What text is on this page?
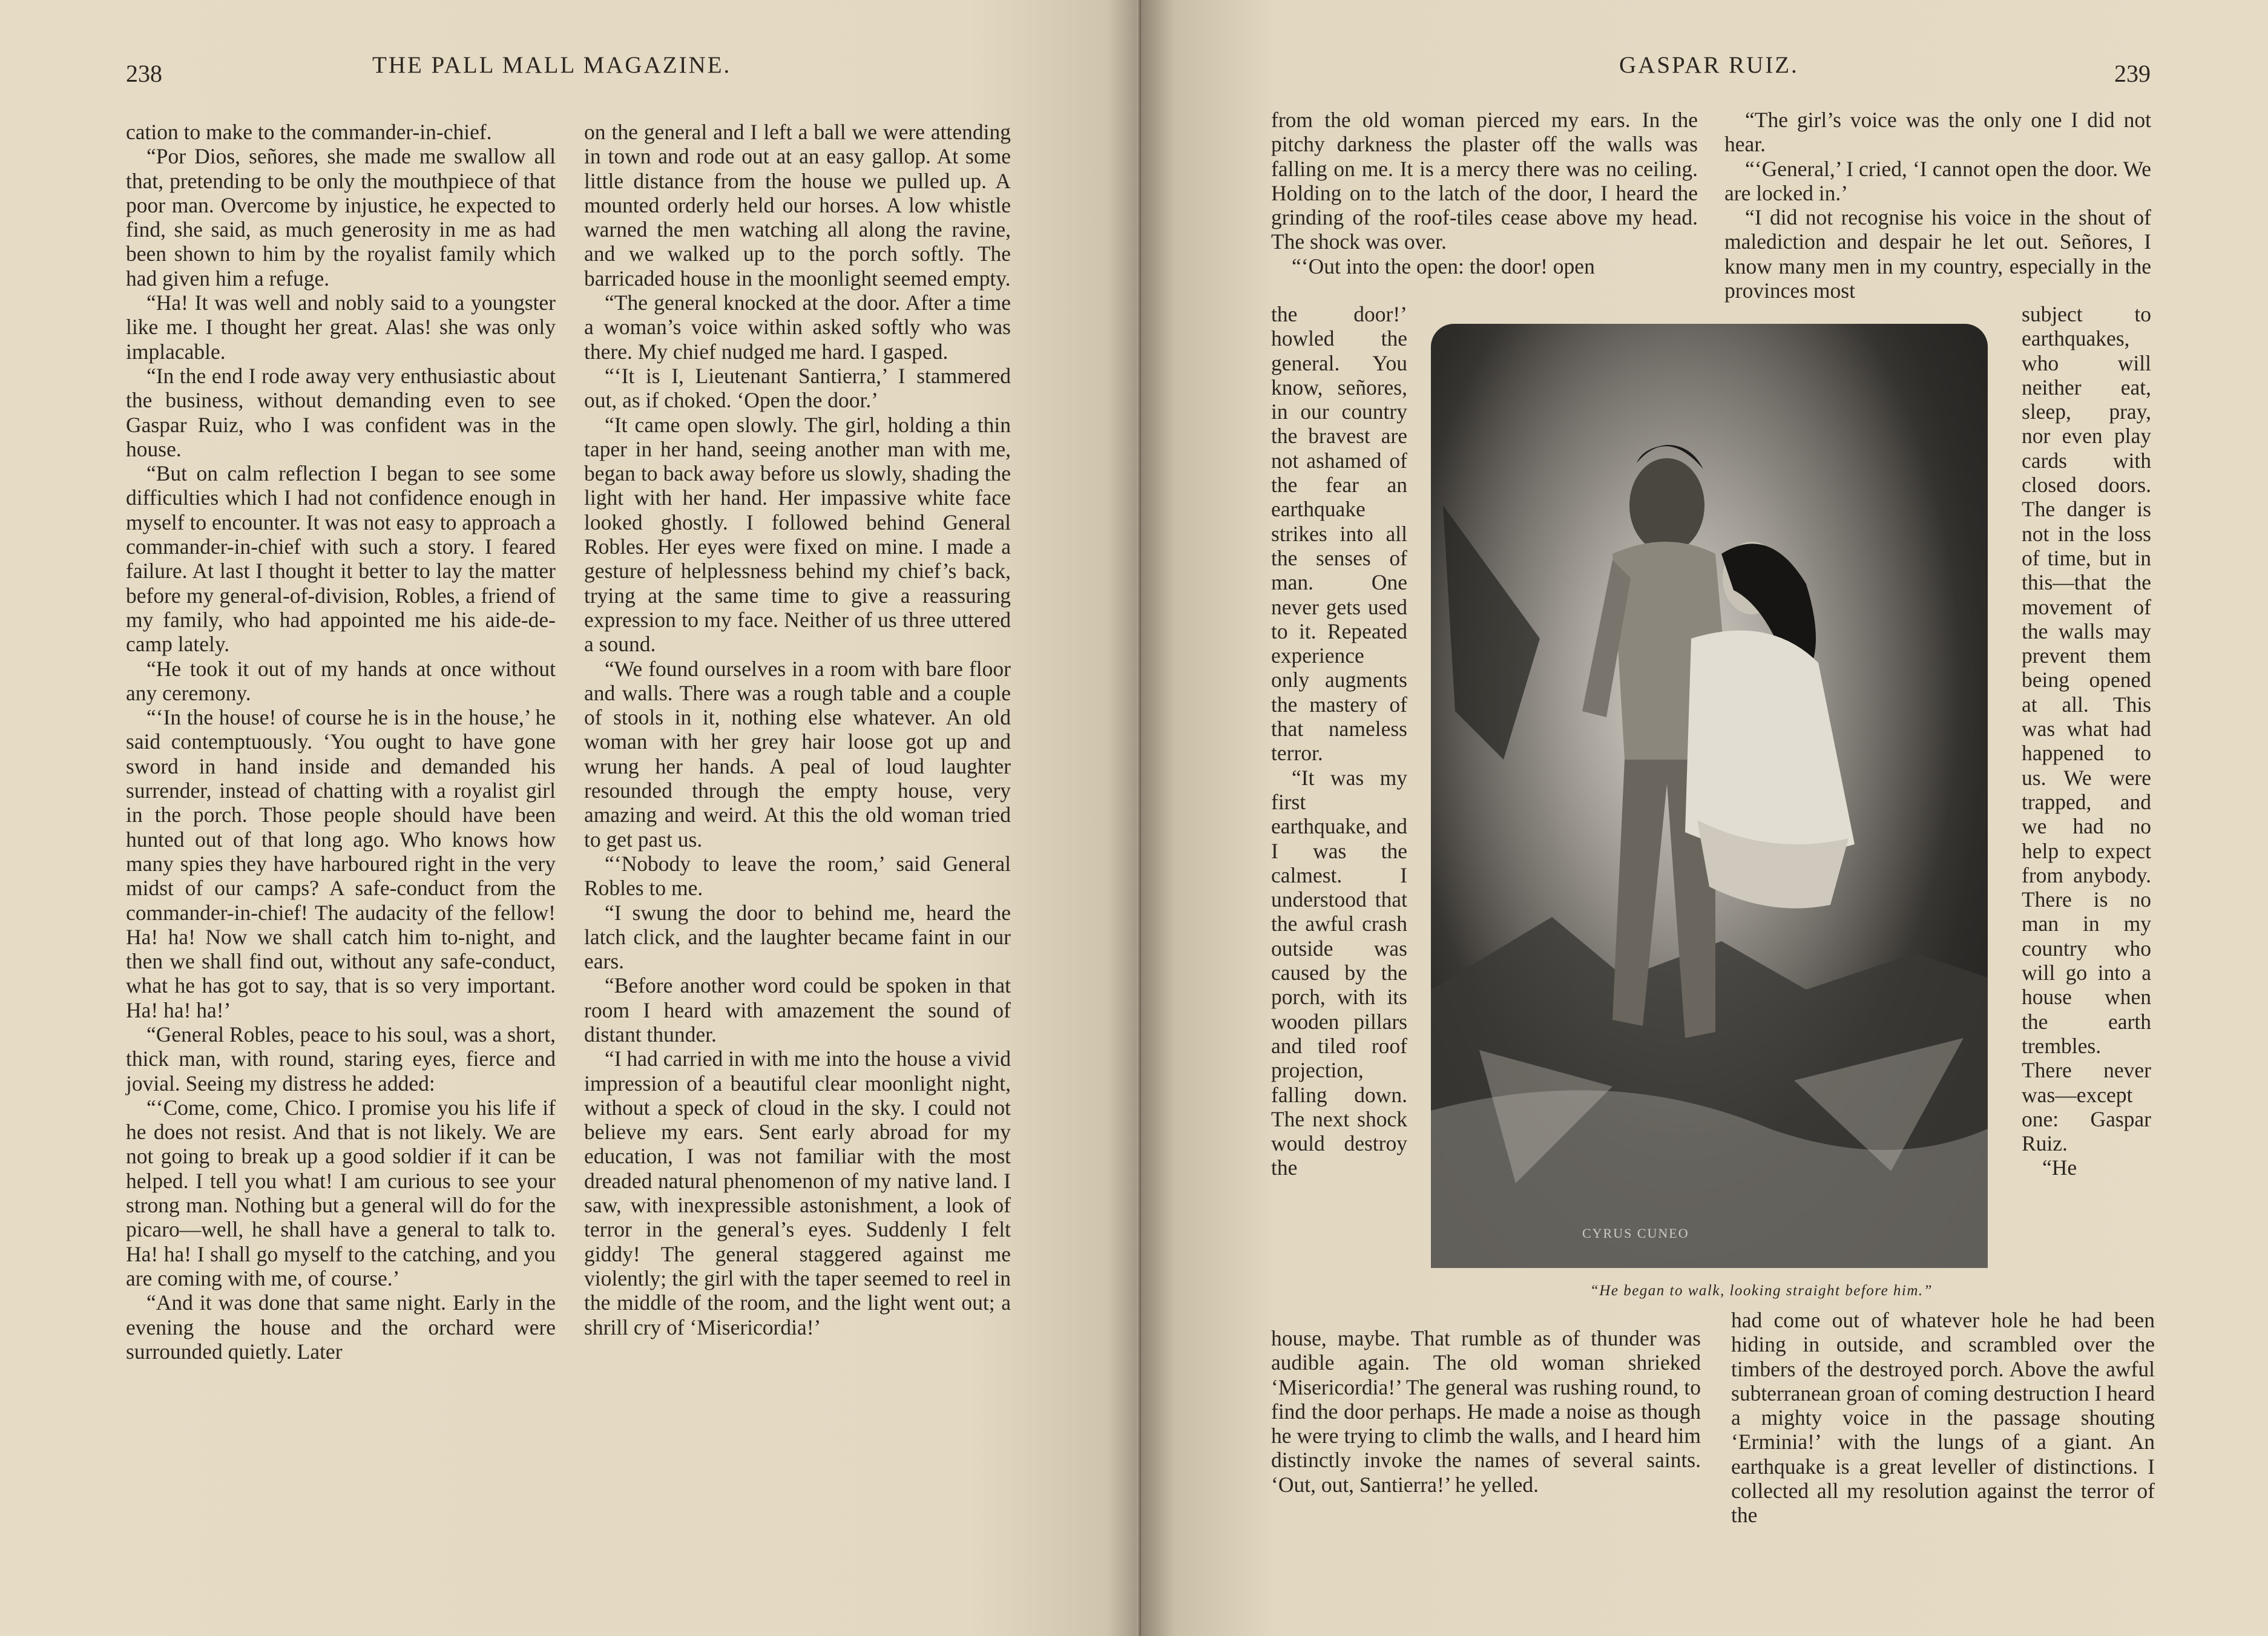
238	THE PALL MALL MAGAZINE.

cation to make to the commander-in-chief.

“Por Dios, señores, she made me swallow all that, pretending to be only the mouthpiece of that poor man. Overcome by injustice, he expected to find, she said, as much generosity in me as had been shown to him by the royalist family which had given him a refuge.

“Ha! It was well and nobly said to a youngster like me. I thought her great. Alas! she was only implacable.

“In the end I rode away very enthusiastic about the business, without demanding even to see Gaspar Ruiz, who I was confident was in the house.

“But on calm reflection I began to see some difficulties which I had not confidence enough in myself to encounter. It was not easy to approach a commander-in-chief with such a story. I feared failure. At last I thought it better to lay the matter before my general-of-division, Robles, a friend of my family, who had appointed me his aide-de-camp lately.

“He took it out of my hands at once without any ceremony.

“‘In the house! of course he is in the house,’ he said contemptuously. ‘You ought to have gone sword in hand inside and demanded his surrender, instead of chatting with a royalist girl in the porch. Those people should have been hunted out of that long ago. Who knows how many spies they have harboured right in the very midst of our camps? A safe-conduct from the commander-in-chief! The audacity of the fellow! Ha! ha! Now we shall catch him to-night, and then we shall find out, without any safe-conduct, what he has got to say, that is so very important. Ha! ha! ha!’

“General Robles, peace to his soul, was a short, thick man, with round, staring eyes, fierce and jovial. Seeing my distress he added:

“‘Come, come, Chico. I promise you his life if he does not resist. And that is not likely. We are not going to break up a good soldier if it can be helped. I tell you what! I am curious to see your strong man. Nothing but a general will do for the picaro—well, he shall have a general to talk to. Ha! ha! I shall go myself to the catching, and you are coming with me, of course.’

“And it was done that same night. Early in the evening the house and the orchard were surrounded quietly. Later

on the general and I left a ball we were attending in town and rode out at an easy gallop. At some little distance from the house we pulled up. A mounted orderly held our horses. A low whistle warned the men watching all along the ravine, and we walked up to the porch softly. The barricaded house in the moonlight seemed empty.

“The general knocked at the door. After a time a woman’s voice within asked softly who was there. My chief nudged me hard. I gasped.

“‘It is I, Lieutenant Santierra,’ I stammered out, as if choked. ‘Open the door.’

“It came open slowly. The girl, holding a thin taper in her hand, seeing another man with me, began to back away before us slowly, shading the light with her hand. Her impassive white face looked ghostly. I followed behind General Robles. Her eyes were fixed on mine. I made a gesture of helplessness behind my chief’s back, trying at the same time to give a reassuring expression to my face. Neither of us three uttered a sound.

“We found ourselves in a room with bare floor and walls. There was a rough table and a couple of stools in it, nothing else whatever. An old woman with her grey hair loose got up and wrung her hands. A peal of loud laughter resounded through the empty house, very amazing and weird. At this the old woman tried to get past us.

“‘Nobody to leave the room,’ said General Robles to me.

“I swung the door to behind me, heard the latch click, and the laughter became faint in our ears.

“Before another word could be spoken in that room I heard with amazement the sound of distant thunder.

“I had carried in with me into the house a vivid impression of a beautiful clear moonlight night, without a speck of cloud in the sky. I could not believe my ears. Sent early abroad for my education, I was not familiar with the most dreaded natural phenomenon of my native land. I saw, with inexpressible astonishment, a look of terror in the general’s eyes. Suddenly I felt giddy! The general staggered against me violently; the girl with the taper seemed to reel in the middle of the room, and the light went out; a shrill cry of ‘Misericordia!’

GASPAR RUIZ.	239

from the old woman pierced my ears. In the pitchy darkness the plaster off the walls was falling on me. It is a mercy there was no ceiling. Holding on to the latch of the door, I heard the grinding of the roof-tiles cease above my head. The shock was over.

“‘Out into the open: the door! open

the door!’ howled the general. You know, señores, in our country the bravest are not ashamed of the fear an earthquake strikes into all the senses of man. One never gets used to it. Repeated experience only augments the mastery of that nameless terror.

“It was my first earthquake, and I was the calmest. I understood that the awful crash outside was caused by the porch, with its wooden pillars and tiled roof projection, falling down. The next shock would destroy the

house, maybe. That rumble as of thunder was audible again. The old woman shrieked ‘Misericordia!’ The general was rushing round, to find the door perhaps. He made a noise as though he were trying to climb the walls, and I heard him distinctly invoke the names of several saints. ‘Out, out, Santierra!’ he yelled.

“The girl’s voice was the only one I did not hear.

“‘General,’ I cried, ‘I cannot open the door. We are locked in.’

“I did not recognise his voice in the shout of malediction and despair he let out. Señores, I know many men in my country, especially in the provinces most

subject to earthquakes, who will neither eat, sleep, pray, nor even play cards with closed doors. The danger is not in the loss of time, but in this—that the movement of the walls may prevent them being opened at all. This was what had happened to us. We were trapped, and we had no help to expect from anybody. There is no man in my country who will go into a house when the earth trembles. There never was—except one: Gaspar Ruiz.

“He

had come out of whatever hole he had been hiding in outside, and scrambled over the timbers of the destroyed porch. Above the awful subterranean groan of coming destruction I heard a mighty voice in the passage shouting ‘Erminia!’ with the lungs of a giant. An earthquake is a great leveller of distinctions. I collected all my resolution against the terror of the

CYRUS CUNEO
“He began to walk, looking straight before him.”
